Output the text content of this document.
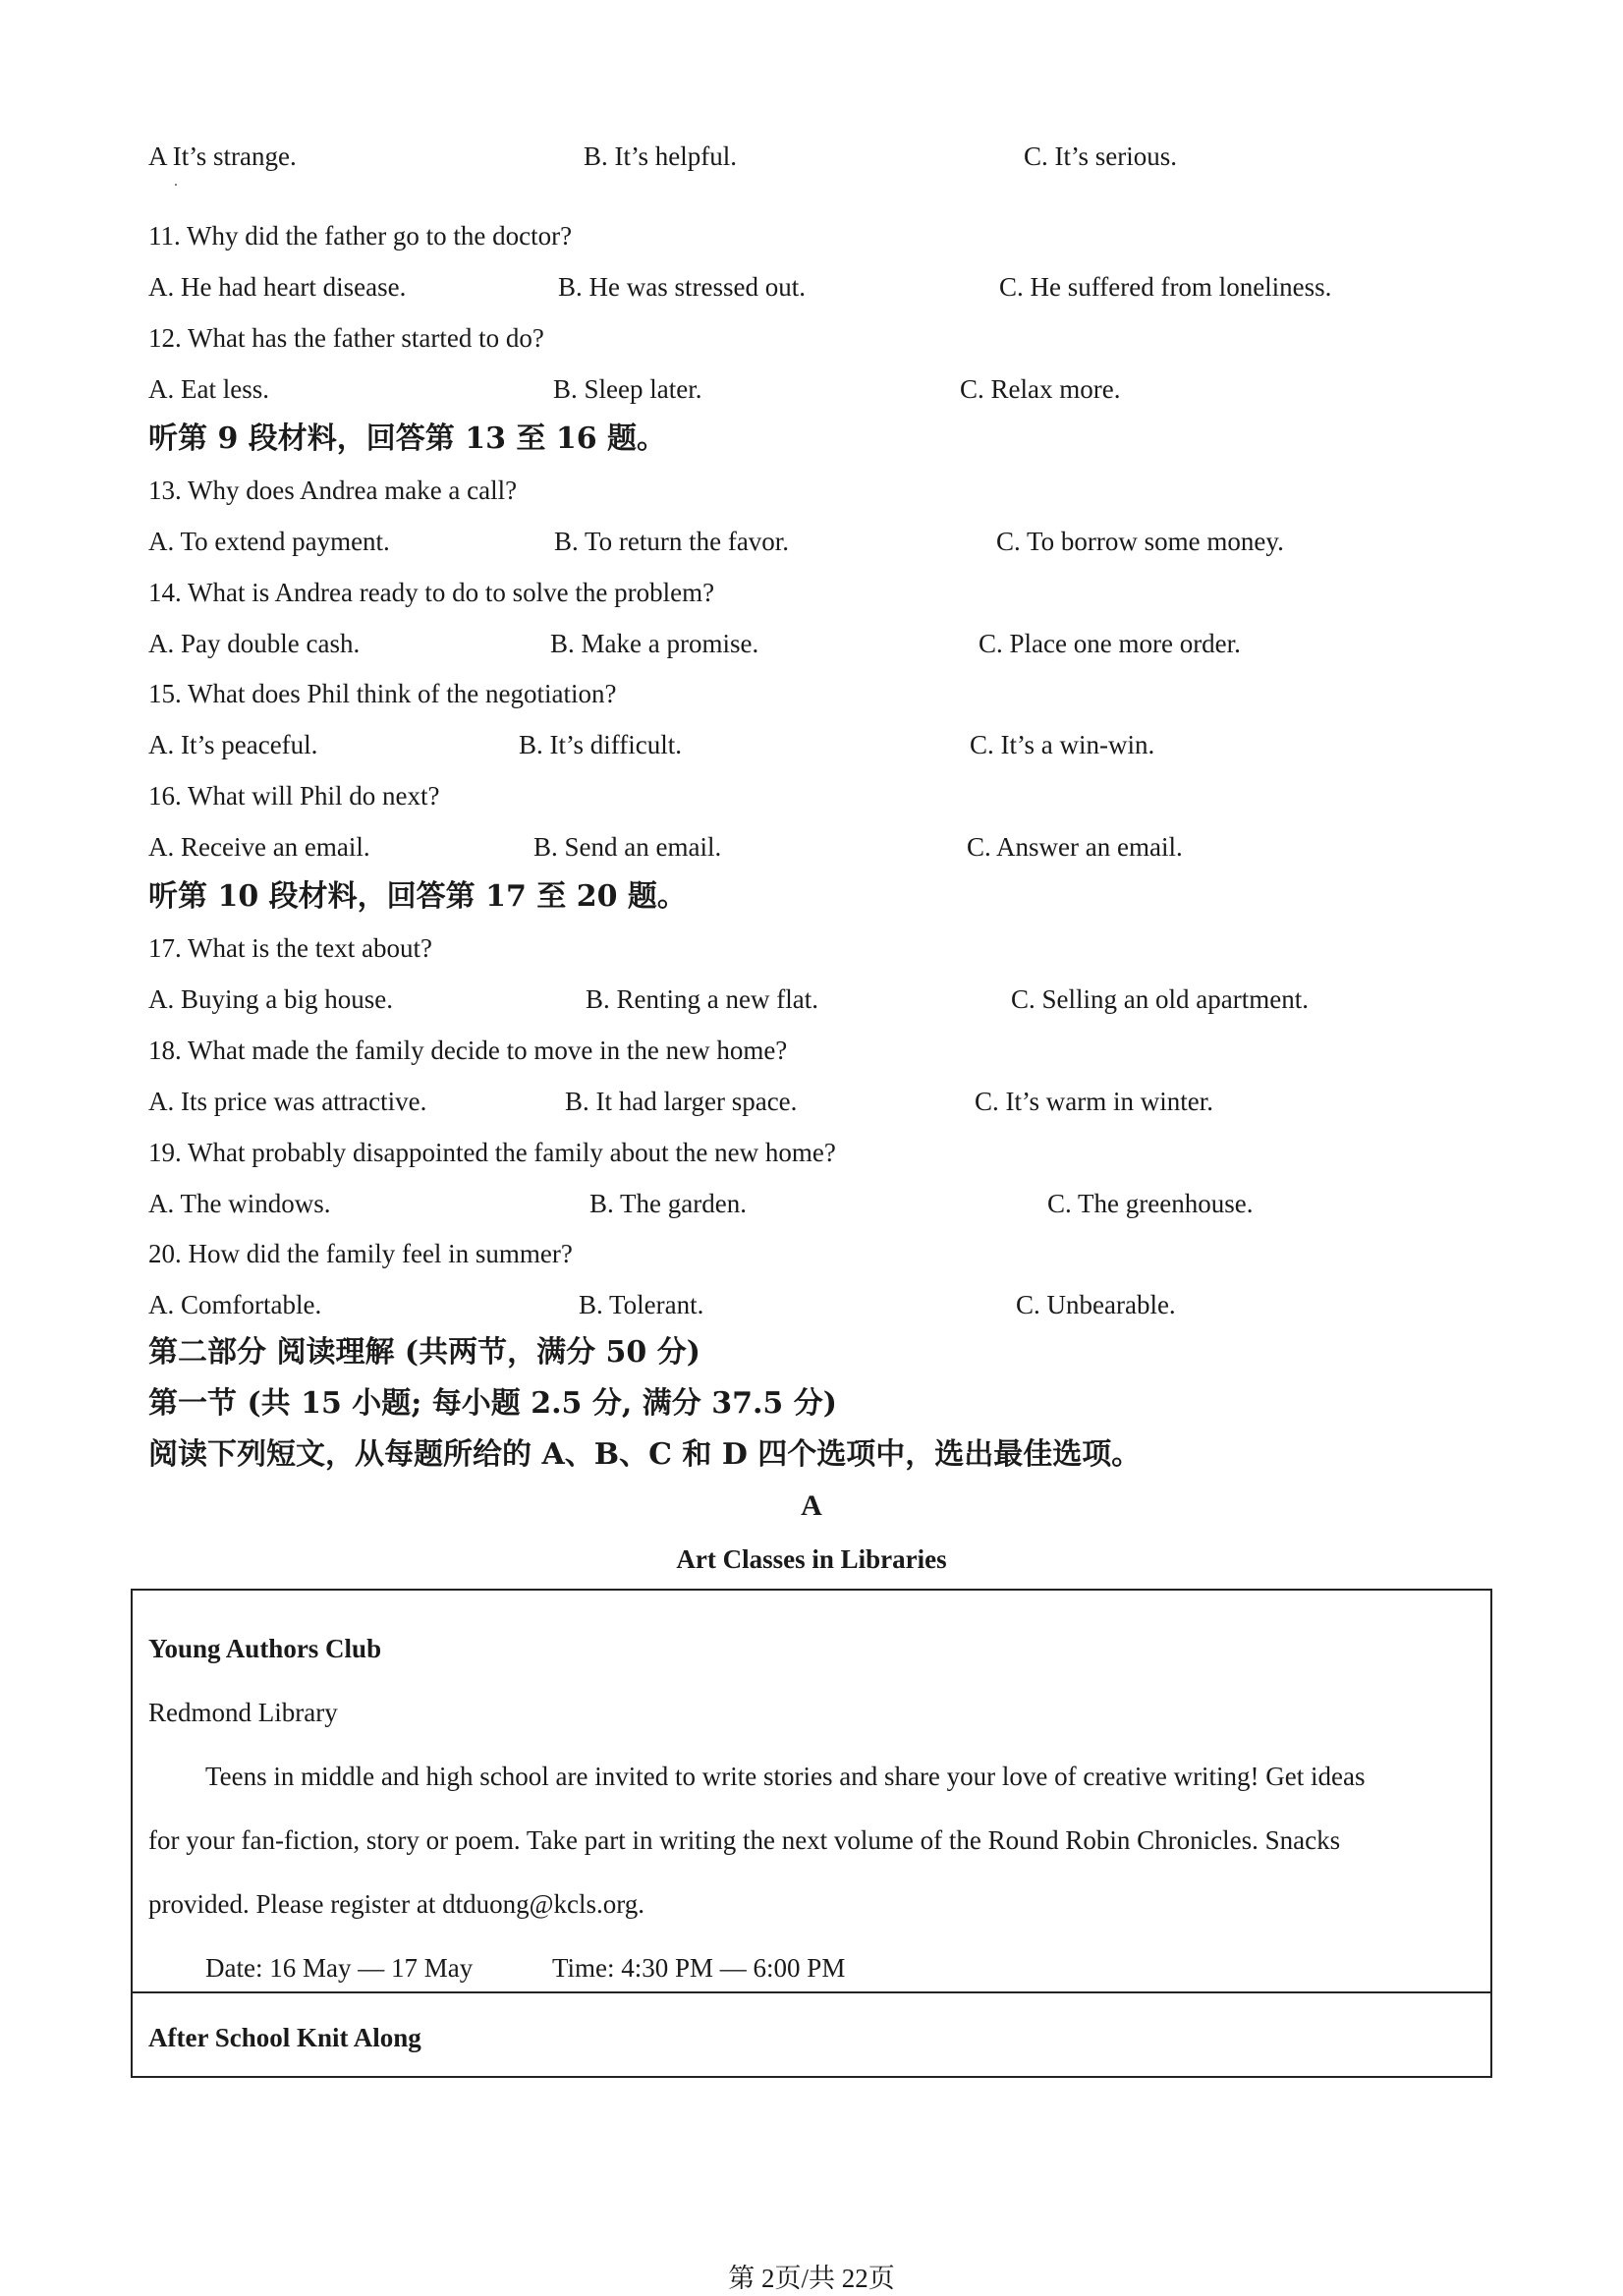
A It’s strange.	B. It’s helpful.	C. It’s serious.
11. Why did the father go to the doctor?
A. He had heart disease.	B. He was stressed out.	C. He suffered from loneliness.
12. What has the father started to do?
A. Eat less.	B. Sleep later.	C. Relax more.
听第 9 段材料，回答第 13 至 16 题。
13. Why does Andrea make a call?
A. To extend payment.	B. To return the favor.	C. To borrow some money.
14. What is Andrea ready to do to solve the problem?
A. Pay double cash.	B. Make a promise.	C. Place one more order.
15. What does Phil think of the negotiation?
A. It’s peaceful.	B. It’s difficult.	C. It’s a win-win.
16. What will Phil do next?
A. Receive an email.	B. Send an email.	C. Answer an email.
听第 10 段材料，回答第 17 至 20 题。
17. What is the text about?
A. Buying a big house.	B. Renting a new flat.	C. Selling an old apartment.
18. What made the family decide to move in the new home?
A. Its price was attractive.	B. It had larger space.	C. It’s warm in winter.
19. What probably disappointed the family about the new home?
A. The windows.	B. The garden.	C. The greenhouse.
20. How did the family feel in summer?
A. Comfortable.	B. Tolerant.	C. Unbearable.
第二部分 阅读理解 (共两节，满分 50 分)
第一节 (共 15 小题; 每小题 2.5 分, 满分 37.5 分)
阅读下列短文，从每题所给的 A、B、C 和 D 四个选项中，选出最佳选项。
A
Art Classes in Libraries
Young Authors Club
Redmond Library
Teens in middle and high school are invited to write stories and share your love of creative writing! Get ideas
for your fan-fiction, story or poem. Take part in writing the next volume of the Round Robin Chronicles. Snacks
provided. Please register at dtduong@kcls.org.
Date: 16 May — 17 May	Time: 4:30 PM — 6:00 PM
After School Knit Along
第 2页/共 22页
